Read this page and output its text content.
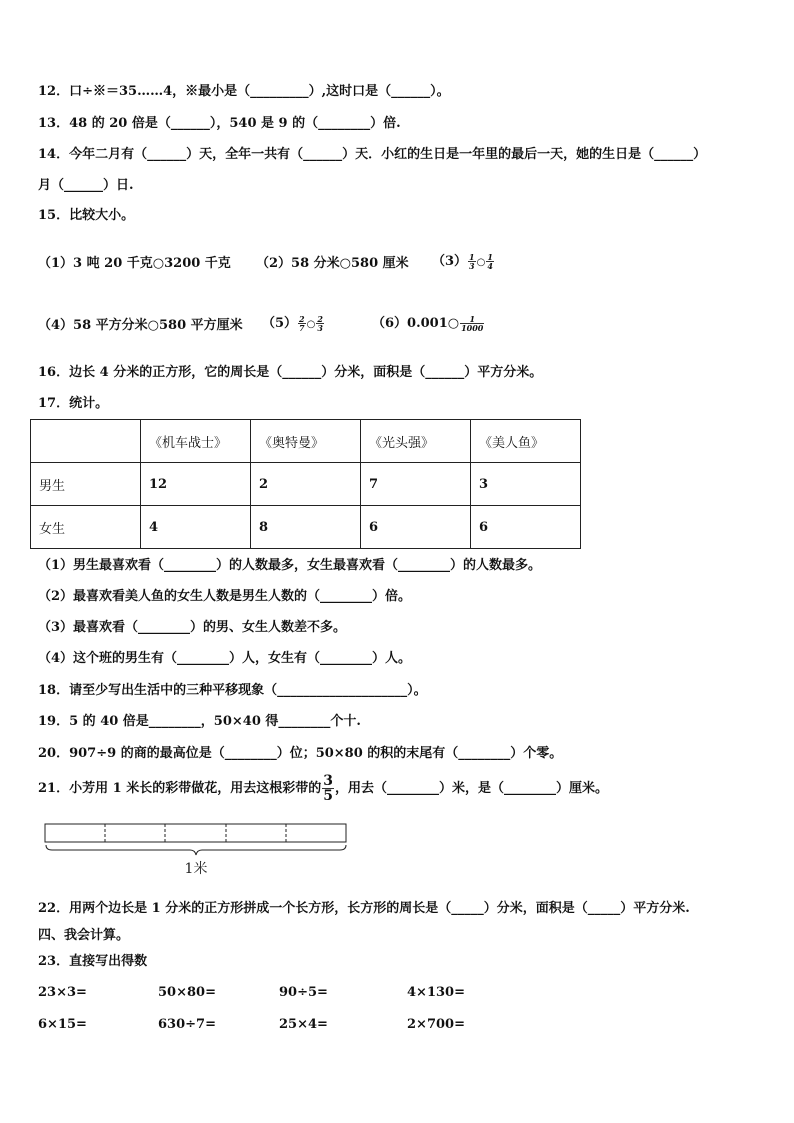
12．口÷※＝35……4，※最小是（_________）,这时口是（______）。
13．48 的 20 倍是（______），540 是 9 的（________）倍.
14．今年二月有（______）天，全年一共有（______）天．小红的生日是一年里的最后一天，她的生日是（______）
月（______）日.
15．比较大小。
（1）3 吨 20 千克○3200 千克 （2）58 分米○580 厘米 $(3) \frac{1}{3}$ ○ $\frac{1}{4}$
（4）58 平方分米○580 平方厘米 $(5) \frac{2}{7}$ ○ $\frac{2}{3}$	（6）0.001○ $\frac{1}{1000}$
16．边长 4 分米的正方形，它的周长是（______）分米，面积是（______）平方分米。
17．统计。
	《机车战士》	《奥特曼》	《光头强》	《美人鱼》
男生	12	2	7	3
女生	4	8	6	6
（1）男生最喜欢看（________）的人数最多，女生最喜欢看（________）的人数最多。
（2）最喜欢看美人鱼的女生人数是男生人数的（________）倍。
（3）最喜欢看（________）的男、女生人数差不多。
（4）这个班的男生有（________）人，女生有（________）人。
18．请至少写出生活中的三种平移现象（____________________）。
19．5 的 40 倍是________，50×40 得________个十.
20．907÷9 的商的最高位是（________）位；50×80 的积的末尾有（________）个零。
21．小芳用 1 米长的彩带做花，用去这根彩带的 $\frac{3}{5}$ ，用去（________）米，是（________）厘米。
1米
22．用两个边长是 1 分米的正方形拼成一个长方形，长方形的周长是（_____）分米，面积是（_____）平方分米.
四、我会计算。
23．直接写出得数
23×3=	50×80=	90÷5=	4×130=
6×15=	630÷7=	25×4=	2×700=
